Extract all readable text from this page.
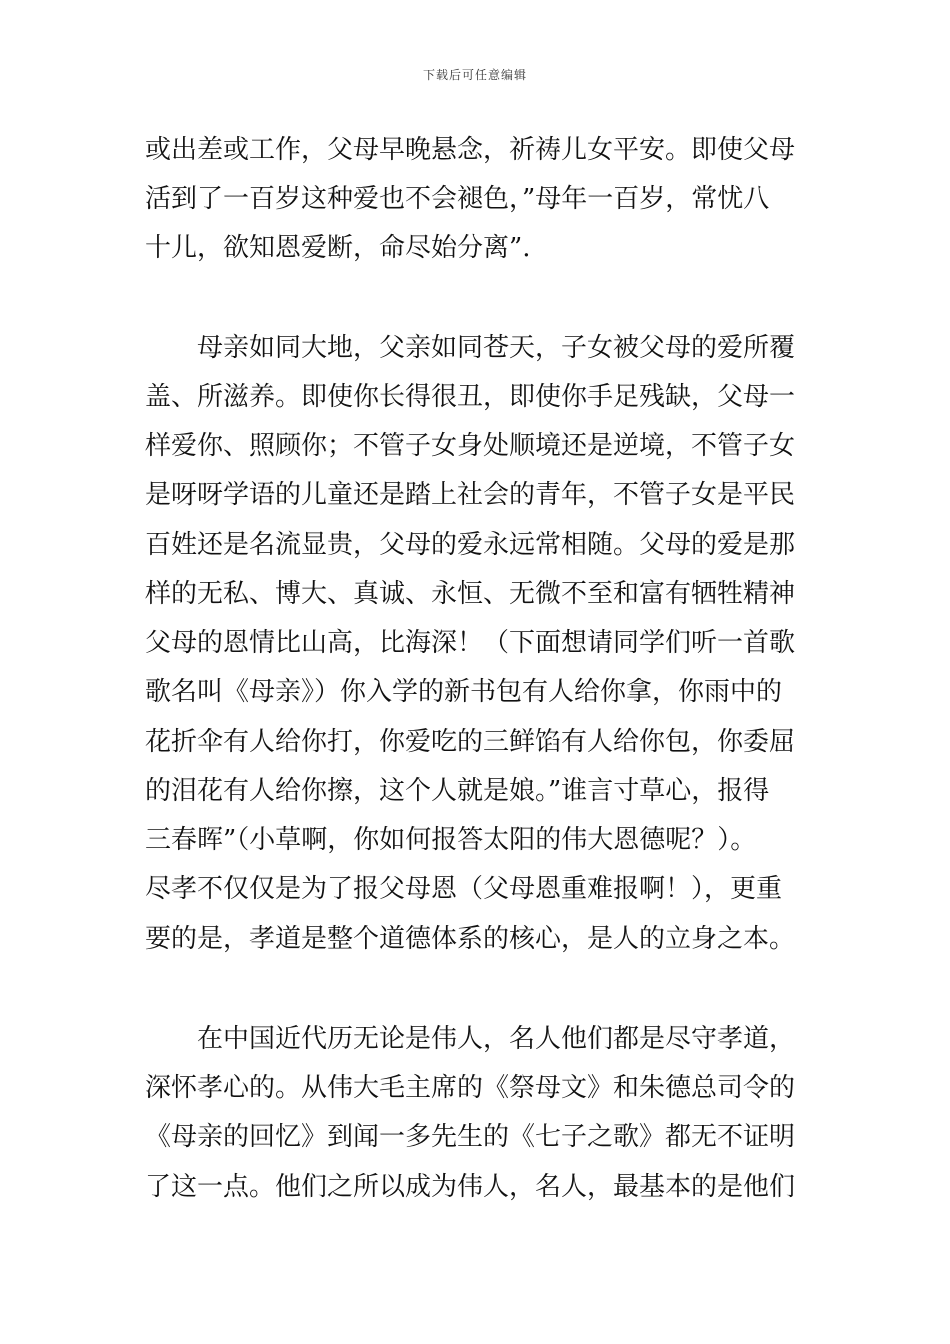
下载后可任意编辑
或出差或工作，父母早晚悬念，祈祷儿女平安。即使父母
活到了一百岁这种爱也不会褪色，”母年一百岁，常忧八
十儿，欲知恩爱断，命尽始分离”.
　　母亲如同大地，父亲如同苍天，子女被父母的爱所覆
盖、所滋养。即使你长得很丑，即使你手足残缺，父母一
样爱你、照顾你；不管子女身处顺境还是逆境，不管子女
是呀呀学语的儿童还是踏上社会的青年，不管子女是平民
百姓还是名流显贵，父母的爱永远常相随。父母的爱是那
样的无私、博大、真诚、永恒、无微不至和富有牺牲精神
父母的恩情比山高，比海深！（下面想请同学们听一首歌
歌名叫《母亲》）你入学的新书包有人给你拿，你雨中的
花折伞有人给你打，你爱吃的三鲜馅有人给你包，你委屈
的泪花有人给你擦，这个人就是娘。”谁言寸草心，报得
三春晖”（小草啊，你如何报答太阳的伟大恩德呢？）。
尽孝不仅仅是为了报父母恩（父母恩重难报啊！），更重
要的是，孝道是整个道德体系的核心，是人的立身之本。
　　在中国近代历无论是伟人，名人他们都是尽守孝道，
深怀孝心的。从伟大毛主席的《祭母文》和朱德总司令的
《母亲的回忆》到闻一多先生的《七子之歌》都无不证明
了这一点。他们之所以成为伟人，名人，最基本的是他们
